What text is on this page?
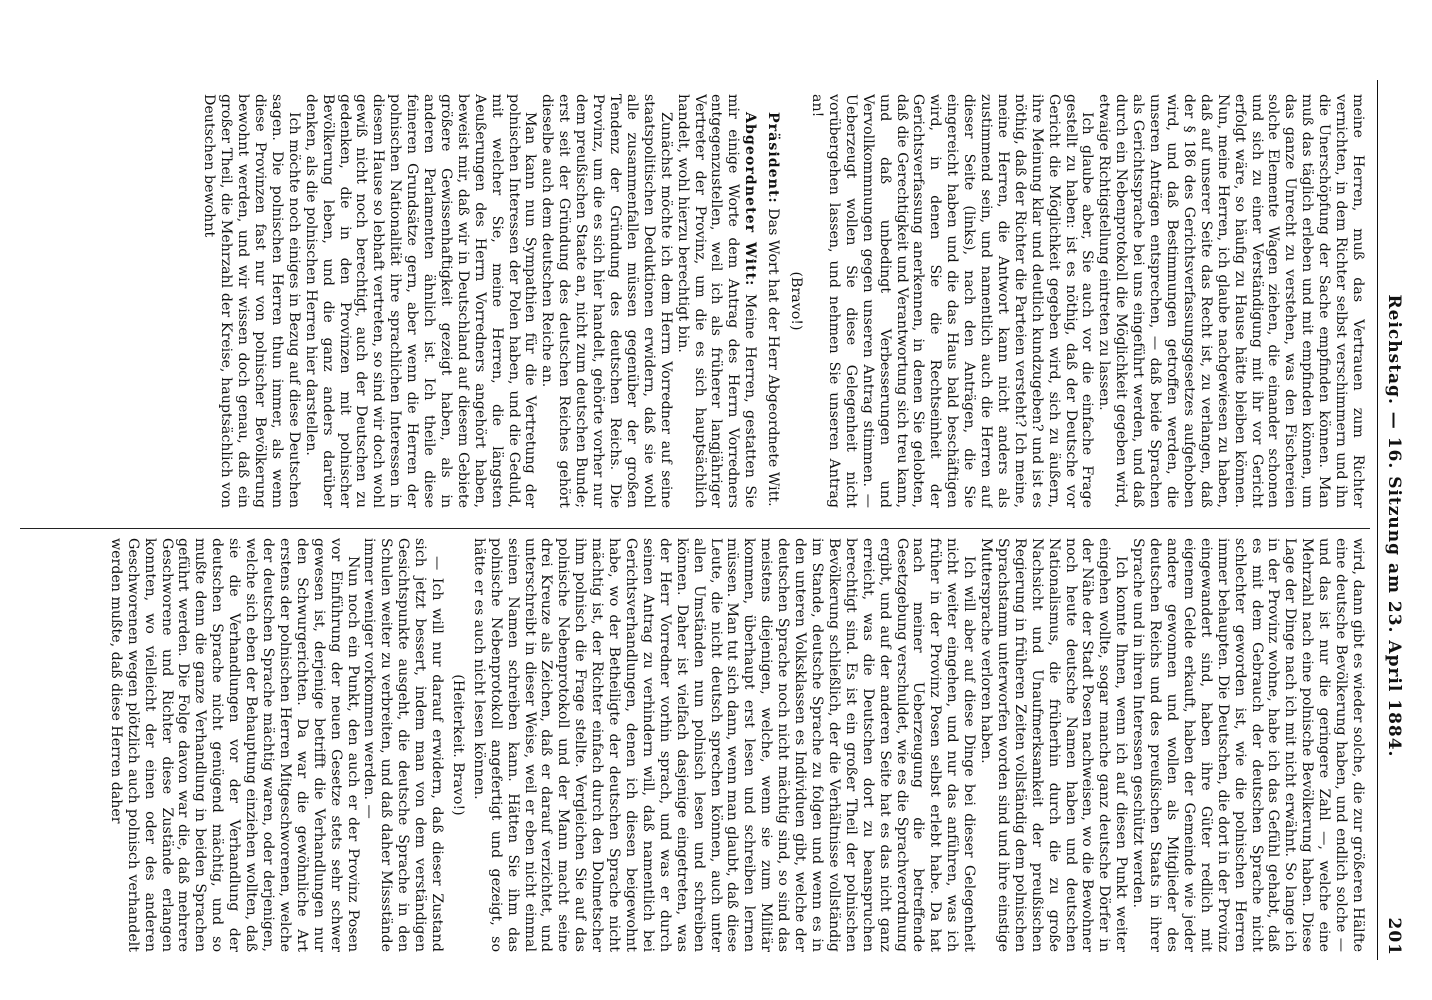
Reichstag. — 16. Sitzung am 23. April 1884.
201

meine Herren, muß das Vertrauen zum Richter vernichten, in dem Richter selbst verschimmern und ihn die Unerschöpfung der Sache empfinden können. Man muß das täglich erleben und mit empfinden können, um das ganze Unrecht zu verstehen, was den Fischereien solche Elemente Wagen ziehen, die einander schonen und sich zu einer Verständigung mit ihr vor Gericht erfolgt wäre, so häufig zu Hause hätte bleiben können. Nun, meine Herren, ich glaube nachgewiesen zu haben, daß auf unserer Seite das Recht ist, zu verlangen, daß der § 186 des Gerichtsverfassungsgesetzes aufgehoben wird, und daß Bestimmungen getroffen werden, die unseren Anträgen entsprechen, — daß beide Sprachen als Gerichtssprache bei uns eingeführt werden, und daß durch ein Nebenprotokoll die Möglichkeit gegeben wird, etwaige Richtigstellung eintreten zu lassen.

Ich glaube aber, Sie auch vor die einfache Frage gestellt zu haben: ist es nöthig, daß der Deutsche vor Gericht die Möglichkeit gegeben wird, sich zu äußern, ihre Meinung klar und deutlich kundzugeben? und ist es nöthig, daß der Richter die Parteien versteht? Ich meine, meine Herren, die Antwort kann nicht anders als zustimmend sein, und namentlich auch die Herren auf dieser Seite (links), nach den Anträgen, die Sie eingereicht haben und die das Haus bald beschäftigen wird, in denen Sie die Rechtseinheit der Gerichtsverfassung anerkennen, in denen Sie gelobten, daß die Gerechtigkeit und Verantwortung sich treu kann, und daß unbedingt Verbesserungen und Vervollkommnungen gegen unseren Antrag stimmen. — Ueberzeugt wollen Sie diese Gelegenheit nicht vorübergehen lassen, und nehmen Sie unseren Antrag an!

(Bravo!)

Präsident: Das Wort hat der Herr Abgeordnete Witt.

Abgeordneter Witt: Meine Herren, gestatten Sie mir einige Worte dem Antrag des Herrn Vorredners entgegenzustellen, weil ich als früherer langjähriger Vertreter der Provinz, um die es sich hauptsächlich handelt, wohl hierzu berechtigt bin.

Zunächst möchte ich dem Herrn Vorredner auf seine staatspolitischen Deduktionen erwidern, daß sie wohl alle zusammenfallen müssen gegenüber der großen Tendenz der Gründung des deutschen Reichs. Die Provinz, um die es sich hier handelt, gehörte vorher nur dem preußischen Staate an, nicht zum deutschen Bunde; erst seit der Gründung des deutschen Reiches gehört dieselbe auch dem deutschen Reiche an.

Man kann nun Sympathien für die Vertretung der polnischen Interessen der Polen haben, und die Geduld, mit welcher Sie, meine Herren, die längsten Aeußerungen des Herrn Vorredners angehört haben, beweist mir, daß wir in Deutschland auf diesem Gebiete größere Gewissenhaftigkeit gezeigt haben, als in anderen Parlamenten ähnlich ist. Ich theile diese feineren Grundsätze gern, aber wenn die Herren der polnischen Nationalität ihre sprachlichen Interessen in diesem Hause so lebhaft vertreten, so sind wir doch wohl gewiß nicht noch berechtigt, auch der Deutschen zu gedenken, die in den Provinzen mit polnischer Bevölkerung leben, und die ganz anders darüber denken, als die polnischen Herren hier darstellen.

Ich möchte noch einiges in Bezug auf diese Deutschen sagen. Die polnischen Herren thun immer, als wenn diese Provinzen fast nur von polnischer Bevölkerung bewohnt werden, und wir wissen doch genau, daß ein großer Theil, die Mehrzahl der Kreise, hauptsächlich von Deutschen bewohnt

wird, dann gibt es wieder solche, die zur größeren Hälfte eine deutsche Bevölkerung haben, und endlich solche — und das ist nur die geringere Zahl —, welche eine Mehrzahl nach eine polnische Bevölkerung haben. Diese Lage der Dinge nach ich mit nicht erwähnt. So lange ich in der Provinz wohne, habe ich das Gefühl gehabt, daß es mit dem Gebrauch der deutschen Sprache nicht schlechter geworden ist, wie die polnischen Herren immer behaupten. Die Deutschen, die dort in der Provinz eingewandert sind, haben ihre Güter redlich mit eigenem Gelde erkauft, haben der Gemeinde wie jeder andere gewonnen und wollen als Mitglieder des deutschen Reichs und des preußischen Staats in ihrer Sprache und in ihren Interessen geschützt werden.

Ich konnte Ihnen, wenn ich auf diesen Punkt weiter eingehen wollte, sogar manche ganz deutsche Dörfer in der Nähe der Stadt Posen nachweisen, wo die Bewohner noch heute deutsche Namen haben und deutschen Nationalismus, die früherhin durch die zu große Nachsicht und Unaufmerksamkeit der preußischen Regierung in früheren Zeiten vollständig dem polnischen Sprachstamm unterworfen worden sind und ihre einstige Muttersprache verloren haben.

Ich will aber auf diese Dinge bei dieser Gelegenheit nicht weiter eingehen, und nur das anführen, was ich früher in der Provinz Posen selbst erlebt habe. Da hat nach meiner Ueberzeugung die betreffende Gesetzgebung verschuldet, wie es die Sprachverordnung ergibt, und auf der anderen Seite hat es das nicht ganz erreicht, was die Deutschen dort zu beanspruchen berechtigt sind. Es ist ein großer Theil der polnischen Bevölkerung schließlich, der die Verhältnisse vollständig im Stande, deutsche Sprache zu folgen und wenn es in den unteren Volksklassen es Individuen gibt, welche der deutschen Sprache noch nicht mächtig sind, so sind das meistens diejenigen, welche, wenn sie zum Militär kommen, überhaupt erst lesen und schreiben lernen müssen. Man tut sich dann, wenn man glaubt, daß diese Leute, die nicht deutsch sprechen können, auch unter allen Umständen nun polnisch lesen und schreiben können. Daher ist vielfach dasjenige eingetreten, was der Herr Vorredner vorhin sprach, und was er durch seinen Antrag zu verhindern will, daß namentlich bei Gerichtsverhandlungen, denen ich diesen beigewohnt habe, wo der Betheiligte der deutschen Sprache nicht mächtig ist, der Richter einfach durch den Dolmetscher ihm polnisch die Frage stellte. Vergleichen Sie auf das polnische Nebenprotokoll und der Mann macht seine drei Kreuze als Zeichen, daß er darauf verzichtet, und unterschreibt in dieser Weise, weil er eben nicht einmal seinen Namen schreiben kann. Hätten Sie ihm das polnische Nebenprotokoll angefertigt und gezeigt, so hätte er es auch nicht lesen können.

(Heiterkeit. Bravo!)

— Ich will nur darauf erwidern, daß dieser Zustand sich jetzt bessert, indem man von dem verständigen Gesichtspunkte ausgeht, die deutsche Sprache in den Schulen weiter zu verbreiten, und daß daher Missstände immer weniger vorkommen werden. —

Nun noch ein Punkt, den auch er der Provinz Posen vor Einführung der neuen Gesetze stets sehr schwer gewesen ist, derjenige betrifft die Verhandlungen nur den Schwurgerichten. Da war die gewöhnliche Art erstens der polnischen Herren Mitgeschworenen, welche der deutschen Sprache mächtig waren, oder derjenigen, welche sich eben der Behauptung einziehen wollten, daß sie die Verhandlungen vor der Verhandlung der deutschen Sprache nicht genügend mächtig, und so mußte denn die ganze Verhandlung in beiden Sprachen geführt werden. Die Folge davon war die, daß mehrere Geschworene und Richter diese Zustände erlangen konnten, wo vielleicht der einen oder des anderen Geschworenen wegen plötzlich auch polnisch verhandelt werden mußte, daß diese Herren daher
